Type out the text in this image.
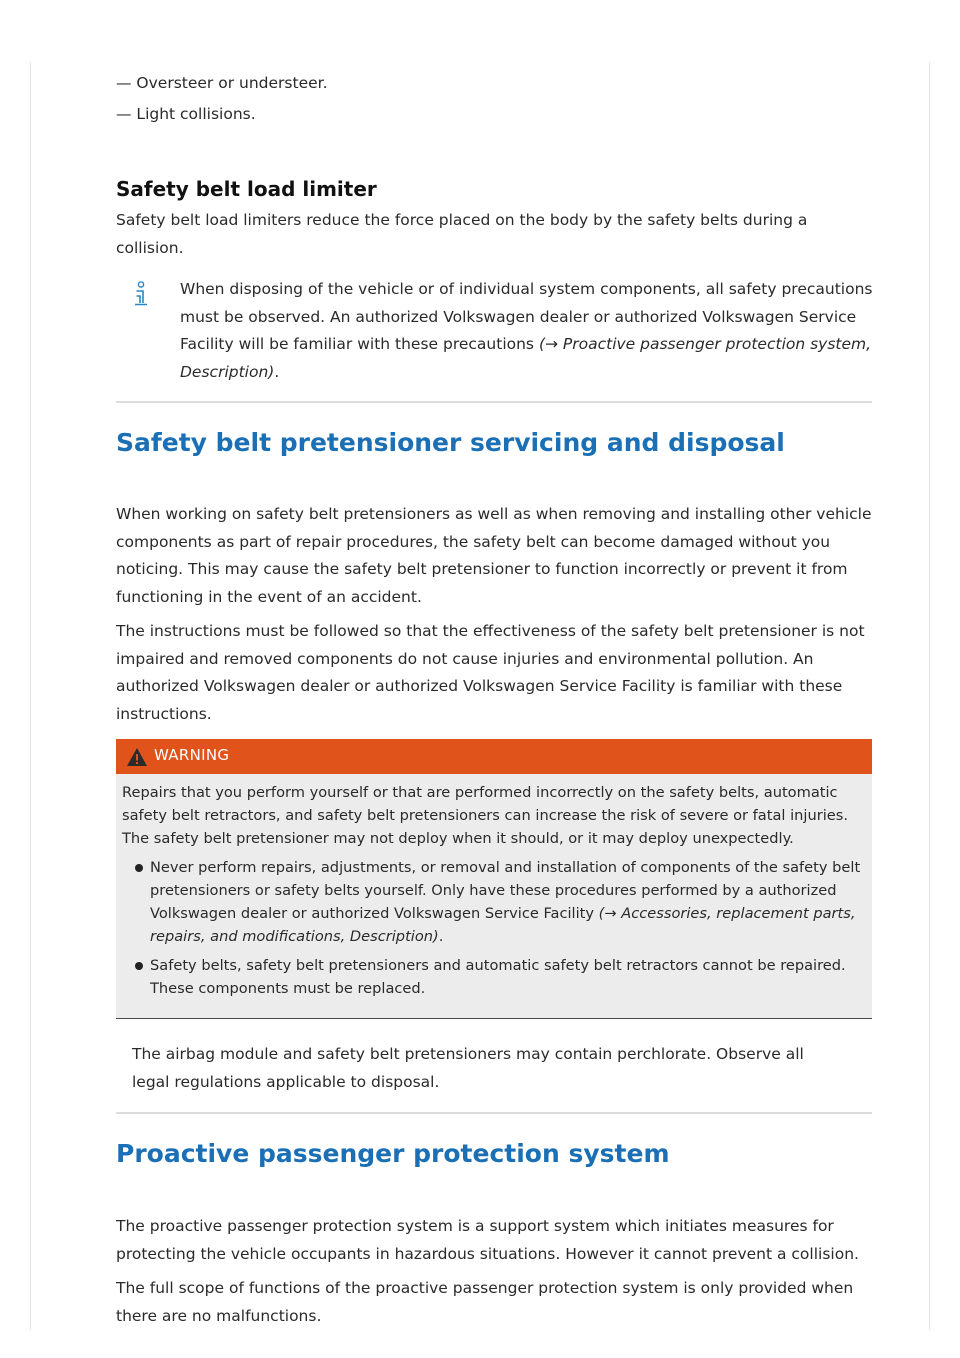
— Oversteer or understeer.

— Light collisions.

Safety belt load limiter

Safety belt load limiters reduce the force placed on the body by the safety belts during a collision.

When disposing of the vehicle or of individual system components, all safety precautions must be observed. An authorized Volkswagen dealer or authorized Volkswagen Service Facility will be familiar with these precautions (→ Proactive passenger protection system, Description).

Safety belt pretensioner servicing and disposal

When working on safety belt pretensioners as well as when removing and installing other vehicle components as part of repair procedures, the safety belt can become damaged without you noticing. This may cause the safety belt pretensioner to function incorrectly or prevent it from functioning in the event of an accident.

The instructions must be followed so that the effectiveness of the safety belt pretensioner is not impaired and removed components do not cause injuries and environmental pollution. An authorized Volkswagen dealer or authorized Volkswagen Service Facility is familiar with these instructions.

WARNING

Repairs that you perform yourself or that are performed incorrectly on the safety belts, automatic safety belt retractors, and safety belt pretensioners can increase the risk of severe or fatal injuries. The safety belt pretensioner may not deploy when it should, or it may deploy unexpectedly.

Never perform repairs, adjustments, or removal and installation of components of the safety belt pretensioners or safety belts yourself. Only have these procedures performed by a authorized Volkswagen dealer or authorized Volkswagen Service Facility (→ Accessories, replacement parts, repairs, and modifications, Description).
Safety belts, safety belt pretensioners and automatic safety belt retractors cannot be repaired. These components must be replaced.

The airbag module and safety belt pretensioners may contain perchlorate. Observe all legal regulations applicable to disposal.

Proactive passenger protection system

The proactive passenger protection system is a support system which initiates measures for protecting the vehicle occupants in hazardous situations. However it cannot prevent a collision.

The full scope of functions of the proactive passenger protection system is only provided when there are no malfunctions.
